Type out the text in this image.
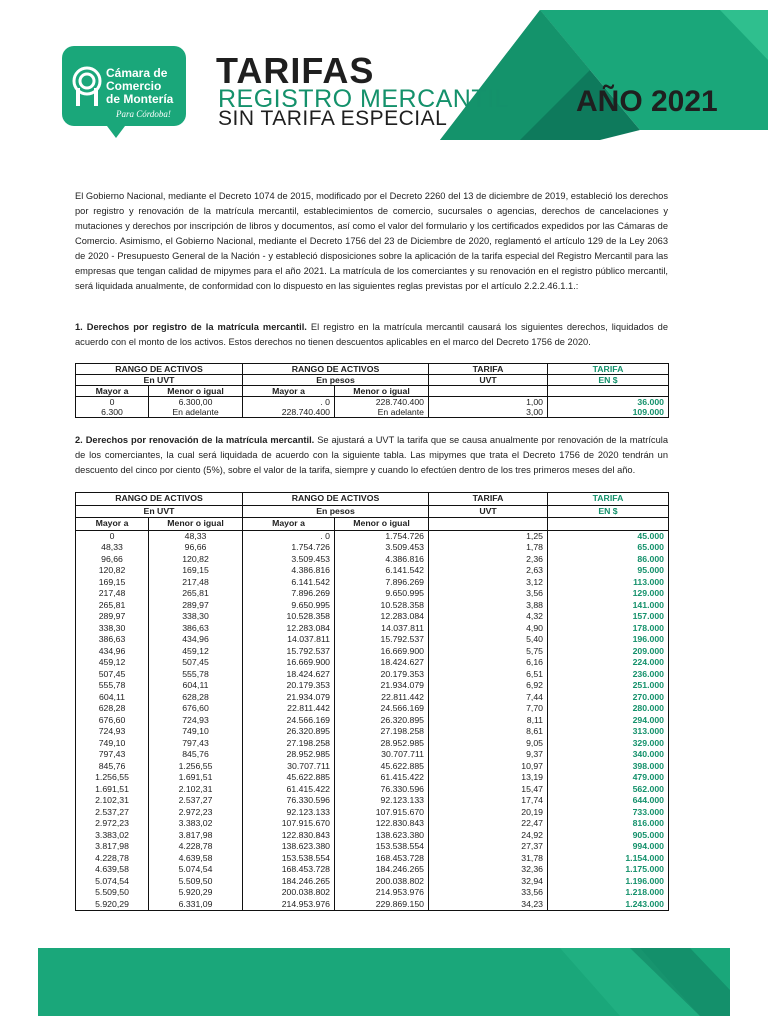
Cámara de
Comercio
de Montería
Para Córdoba!
TARIFAS
REGISTRO MERCANTIL
SIN TARIFA ESPECIAL
AÑO 2021
El Gobierno Nacional, mediante el Decreto 1074 de 2015, modificado por el Decreto 2260 del 13 de diciembre de 2019, estableció los derechos por registro y renovación de la matrícula mercantil, establecimientos de comercio, sucursales o agencias, derechos de cancelaciones y mutaciones y derechos por inscripción de libros y documentos, así como el valor del formulario y los certificados expedidos por las Cámaras de Comercio. Asimismo, el Gobierno Nacional, mediante el Decreto 1756 del 23 de Diciembre de 2020, reglamentó el artículo 129 de la Ley 2063 de 2020 - Presupuesto General de la Nación - y estableció disposiciones sobre la aplicación de la tarifa especial del Registro Mercantil para las empresas que tengan calidad de mipymes para el año 2021. La matrícula de los comerciantes y su renovación en el registro público mercantil, será liquidada anualmente, de conformidad con lo dispuesto en las siguientes reglas previstas por el artículo 2.2.2.46.1.1.:
1. Derechos por registro de la matrícula mercantil. El registro en la matrícula mercantil causará los siguientes derechos, liquidados de acuerdo con el monto de los activos. Estos derechos no tienen descuentos aplicables en el marco del Decreto 1756 de 2020.
RANGO DE ACTIVOS		RANGO DE ACTIVOS		TARIFA	TARIFA
En UVT		En pesos		UVT	EN $
Mayor a	Menor o igual	Mayor a	Menor o igual		
0	6.300,00	. 0	228.740.400	1,00	36.000
6.300	En adelante	228.740.400	En adelante	3,00	109.000
2. Derechos por renovación de la matrícula mercantil. Se ajustará a UVT la tarifa que se causa anualmente por renovación de la matrícula de los comerciantes, la cual será liquidada de acuerdo con la siguiente tabla. Las mipymes que trata el Decreto 1756 de 2020 tendrán un descuento del cinco por ciento (5%), sobre el valor de la tarifa, siempre y cuando lo efectúen dentro de los tres primeros meses del año.
RANGO DE ACTIVOS		RANGO DE ACTIVOS		TARIFA	TARIFA
En UVT		En pesos		UVT	EN $
Mayor a	Menor o igual	Mayor a	Menor o igual		
0	48,33	. 0	1.754.726	1,25	45.000
48,33	96,66	1.754.726	3.509.453	1,78	65.000
96,66	120,82	3.509.453	4.386.816	2,36	86.000
120,82	169,15	4.386.816	6.141.542	2,63	95.000
169,15	217,48	6.141.542	7.896.269	3,12	113.000
217,48	265,81	7.896.269	9.650.995	3,56	129.000
265,81	289,97	9.650.995	10.528.358	3,88	141.000
289,97	338,30	10.528.358	12.283.084	4,32	157.000
338,30	386,63	12.283.084	14.037.811	4,90	178.000
386,63	434,96	14.037.811	15.792.537	5,40	196.000
434,96	459,12	15.792.537	16.669.900	5,75	209.000
459,12	507,45	16.669.900	18.424.627	6,16	224.000
507,45	555,78	18.424.627	20.179.353	6,51	236.000
555,78	604,11	20.179.353	21.934.079	6,92	251.000
604,11	628,28	21.934.079	22.811.442	7,44	270.000
628,28	676,60	22.811.442	24.566.169	7,70	280.000
676,60	724,93	24.566.169	26.320.895	8,11	294.000
724,93	749,10	26.320.895	27.198.258	8,61	313.000
749,10	797,43	27.198.258	28.952.985	9,05	329.000
797,43	845,76	28.952.985	30.707.711	9,37	340.000
845,76	1.256,55	30.707.711	45.622.885	10,97	398.000
1.256,55	1.691,51	45.622.885	61.415.422	13,19	479.000
1.691,51	2.102,31	61.415.422	76.330.596	15,47	562.000
2.102,31	2.537,27	76.330.596	92.123.133	17,74	644.000
2.537,27	2.972,23	92.123.133	107.915.670	20,19	733.000
2.972,23	3.383,02	107.915.670	122.830.843	22,47	816.000
3.383,02	3.817,98	122.830.843	138.623.380	24,92	905.000
3.817,98	4.228,78	138.623.380	153.538.554	27,37	994.000
4.228,78	4.639,58	153.538.554	168.453.728	31,78	1.154.000
4.639,58	5.074,54	168.453.728	184.246.265	32,36	1.175.000
5.074,54	5.509,50	184.246.265	200.038.802	32,94	1.196.000
5.509,50	5.920,29	200.038.802	214.953.976	33,56	1.218.000
5.920,29	6.331,09	214.953.976	229.869.150	34,23	1.243.000
